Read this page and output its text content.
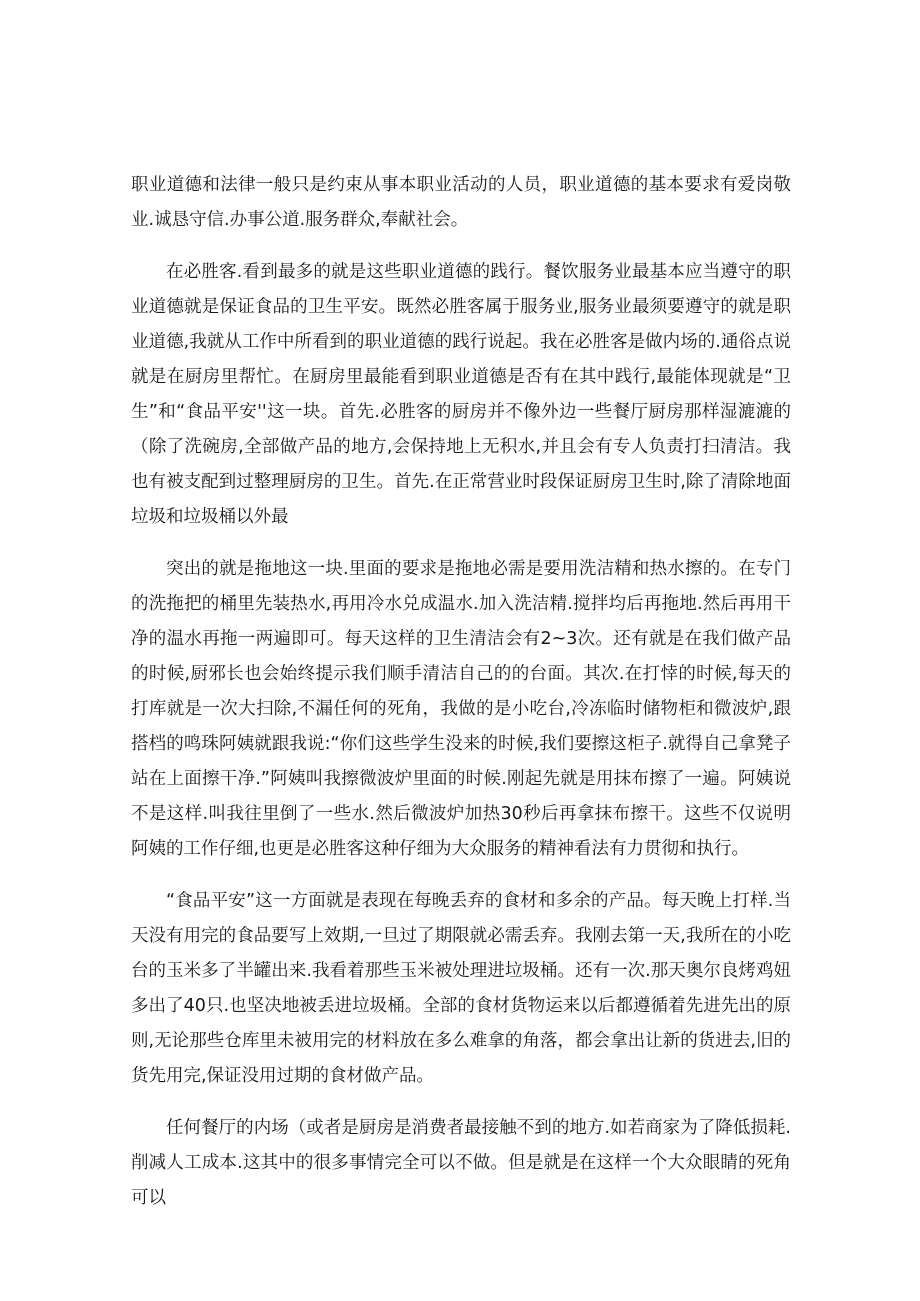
职业道德和法律一般只是约束从事本职业活动的人员，职业道德的基本要求有爱岗敬业.诚恳守信.办事公道.服务群众,奉献社会。

在必胜客.看到最多的就是这些职业道德的践行。餐饮服务业最基本应当遵守的职业道德就是保证食品的卫生平安。既然必胜客属于服务业,服务业最须要遵守的就是职业道德,我就从工作中所看到的职业道德的践行说起。我在必胜客是做内场的.通俗点说就是在厨房里帮忙。在厨房里最能看到职业道德是否有在其中践行,最能体现就是“卫生”和“食品平安''这一块。首先.必胜客的厨房并不像外边一些餐厅厨房那样湿漉漉的（除了洗碗房,全部做产品的地方,会保持地上无积水,并且会有专人负责打扫清洁。我也有被支配到过整理厨房的卫生。首先.在正常营业时段保证厨房卫生时,除了清除地面垃圾和垃圾桶以外最

突出的就是拖地这一块.里面的要求是拖地必需是要用洗洁精和热水擦的。在专门的洗拖把的桶里先装热水,再用冷水兑成温水.加入洗洁精.搅拌均后再拖地.然后再用干净的温水再拖一两遍即可。每天这样的卫生清洁会有2~3次。还有就是在我们做产品的时候,厨邪长也会始终提示我们顺手清洁自己的的台面。其次.在打悻的时候,每天的打库就是一次大扫除,不漏任何的死角，我做的是小吃台,冷冻临时储物柜和微波炉,跟搭档的鸣珠阿姨就跟我说:“你们这些学生没来的时候,我们要擦这柜子.就得自己拿凳子站在上面擦干净.”阿姨叫我擦微波炉里面的时候.刚起先就是用抹布擦了一遍。阿姨说不是这样.叫我往里倒了一些水.然后微波炉加热30秒后再拿抹布擦干。这些不仅说明阿姨的工作仔细,也更是必胜客这种仔细为大众服务的精神看法有力贯彻和执行。

“食品平安”这一方面就是表现在每晚丢弃的食材和多余的产品。每天晚上打样.当天没有用完的食品要写上效期,一旦过了期限就必需丢弃。我刚去第一天,我所在的小吃台的玉米多了半罐出来.我看着那些玉米被处理进垃圾桶。还有一次.那天奥尔良烤鸡妞多出了40只.也坚决地被丢进垃圾桶。全部的食材货物运来以后都遵循着先进先出的原则,无论那些仓库里未被用完的材料放在多么难拿的角落，都会拿出让新的货进去,旧的货先用完,保证没用过期的食材做产品。

任何餐厅的内场（或者是厨房是消费者最接触不到的地方.如若商家为了降低损耗.削减人工成本.这其中的很多事情完全可以不做。但是就是在这样一个大众眼睛的死角可以
